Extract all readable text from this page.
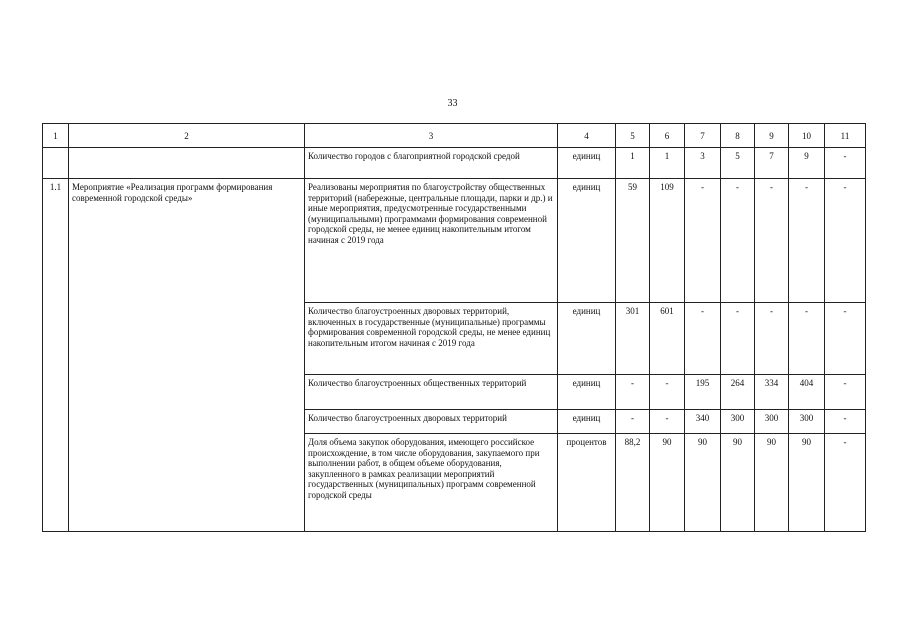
33
1	2	3	4	5	6	7	8	9	10	11
		Количество городов с благоприятной городской средой	единиц	1	1	3	5	7	9	-
1.1	Мероприятие «Реализация программ формирования современной городской среды»	Реализованы мероприятия по благоустройству общественных территорий (набережные, центральные площади, парки и др.) и иные мероприятия, предусмотренные государственными (муниципальными) программами формирования современной городской среды, не менее единиц накопительным итогом начиная с 2019 года	единиц	59	109	-	-	-	-	-
		Количество благоустроенных дворовых территорий, включенных в государственные (муниципальные) программы формирования современной городской среды, не менее единиц накопительным итогом начиная с 2019 года	единиц	301	601	-	-	-	-	-
		Количество благоустроенных общественных территорий	единиц	-	-	195	264	334	404	-
		Количество благоустроенных дворовых территорий	единиц	-	-	340	300	300	300	-
		Доля объема закупок оборудования, имеющего российское происхождение, в том числе оборудования, закупаемого при выполнении работ, в общем объеме оборудования, закупленного в рамках реализации мероприятий государственных (муниципальных) программ современной городской среды	процентов	88,2	90	90	90	90	90	-
